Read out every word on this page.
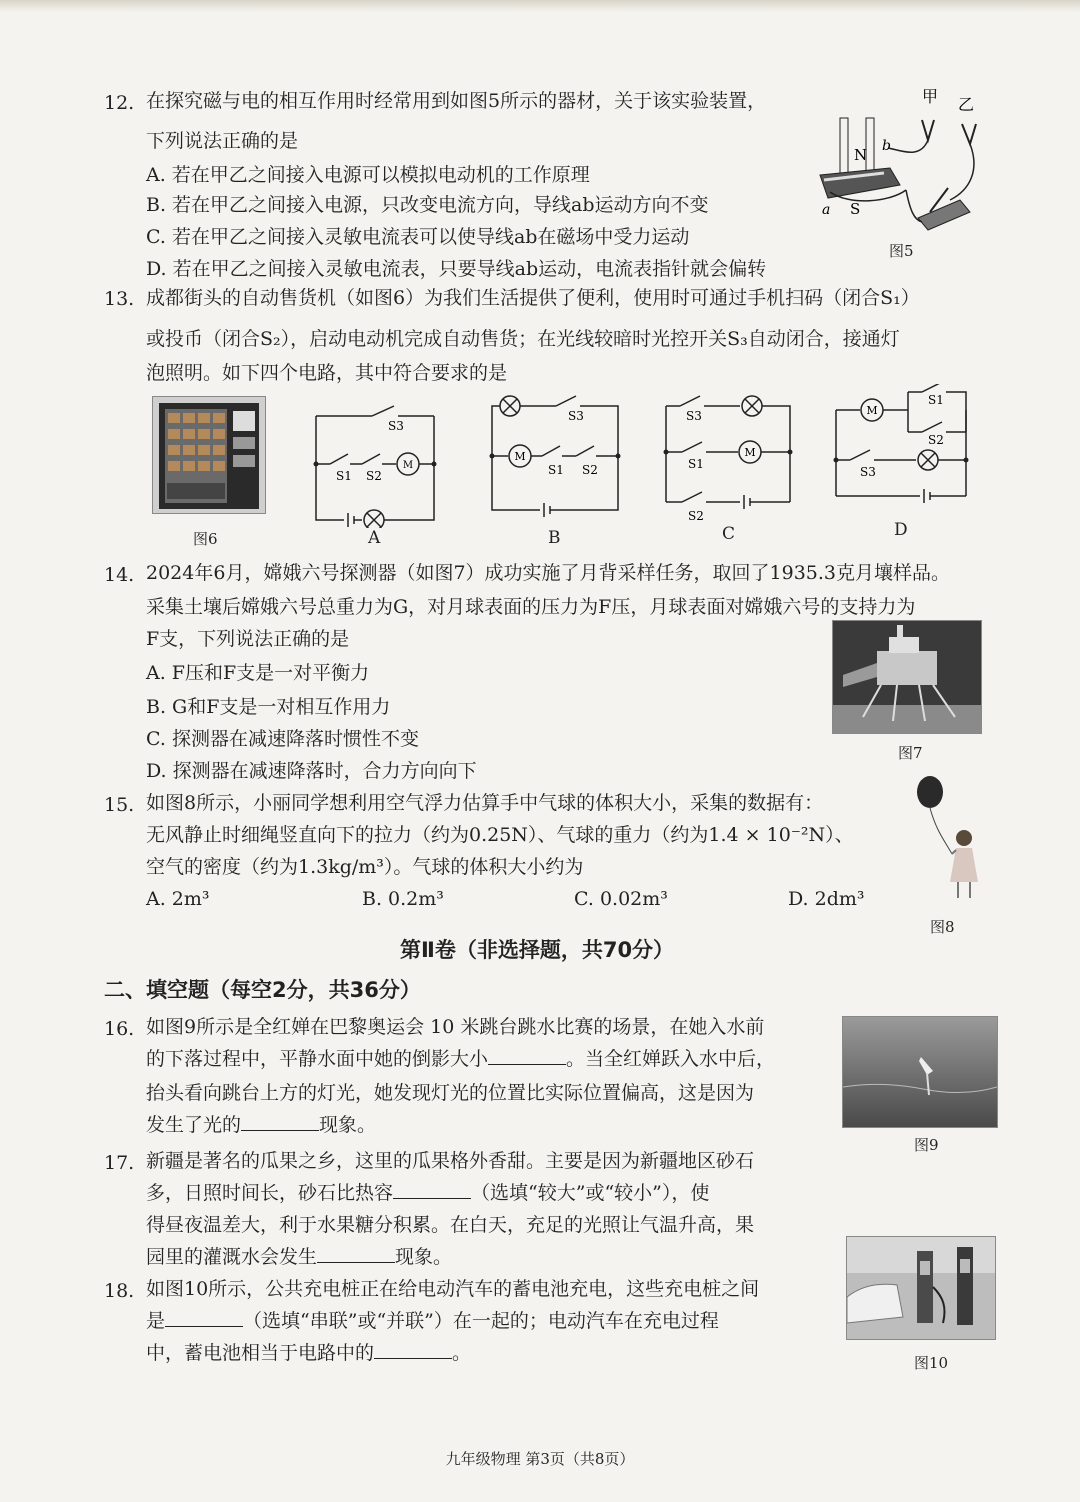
12. 在探究磁与电的相互作用时经常用到如图5所示的器材，关于该实验装置，
下列说法正确的是
A. 若在甲乙之间接入电源可以模拟电动机的工作原理
B. 若在甲乙之间接入电源，只改变电流方向，导线ab运动方向不变
C. 若在甲乙之间接入灵敏电流表可以使导线ab在磁场中受力运动
D. 若在甲乙之间接入灵敏电流表，只要导线ab运动，电流表指针就会偏转
甲 乙
N
S
b
a
图5
13. 成都街头的自动售货机（如图6）为我们生活提供了便利，使用时可通过手机扫码（闭合S₁）
或投币（闭合S₂），启动电动机完成自动售货；在光线较暗时光控开关S₃自动闭合，接通灯
泡照明。如下四个电路，其中符合要求的是
图6
M
S3
S1 S2
A
M
S3
S1 S2
B
M
S3
S1
S2
C
M
S1
S2
S3
D
14. 2024年6月，嫦娥六号探测器（如图7）成功实施了月背采样任务，取回了1935.3克月壤样品。
采集土壤后嫦娥六号总重力为G，对月球表面的压力为F压，月球表面对嫦娥六号的支持力为
F支，下列说法正确的是
A. F压和F支是一对平衡力
B. G和F支是一对相互作用力
C. 探测器在减速降落时惯性不变
D. 探测器在减速降落时，合力方向向下
图7
15. 如图8所示，小丽同学想利用空气浮力估算手中气球的体积大小，采集的数据有：
无风静止时细绳竖直向下的拉力（约为0.25N）、气球的重力（约为1.4 × 10⁻²N）、
空气的密度（约为1.3kg/m³）。气球的体积大小约为
A. 2m³	B. 0.2m³	C. 0.02m³	D. 2dm³
图8
第Ⅱ卷（非选择题，共70分）
二、填空题（每空2分，共36分）
16. 如图9所示是全红婵在巴黎奥运会 10 米跳台跳水比赛的场景，在她入水前
的下落过程中，平静水面中她的倒影大小	。当全红婵跃入水中后，
抬头看向跳台上方的灯光，她发现灯光的位置比实际位置偏高，这是因为
发生了光的	现象。
图9
17. 新疆是著名的瓜果之乡，这里的瓜果格外香甜。主要是因为新疆地区砂石
多，日照时间长，砂石比热容	（选填“较大”或“较小”），使
得昼夜温差大，利于水果糖分积累。在白天，充足的光照让气温升高，果
园里的灌溉水会发生	现象。
18. 如图10所示，公共充电桩正在给电动汽车的蓄电池充电，这些充电桩之间
是	（选填“串联”或“并联”）在一起的；电动汽车在充电过程
中，蓄电池相当于电路中的	。	图10
九年级物理 第3页（共8页）
